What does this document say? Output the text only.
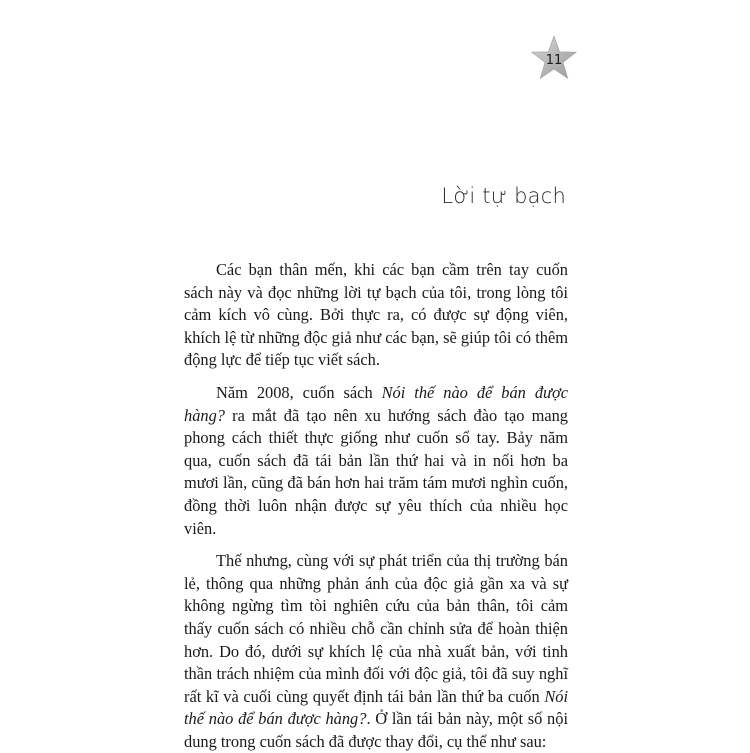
11
Lời tự bạch

Các bạn thân mến, khi các bạn cầm trên tay cuốn sách này và đọc những lời tự bạch của tôi, trong lòng tôi cảm kích vô cùng. Bởi thực ra, có được sự động viên, khích lệ từ những độc giả như các bạn, sẽ giúp tôi có thêm động lực để tiếp tục viết sách.

Năm 2008, cuốn sách Nói thế nào để bán được hàng? ra mắt đã tạo nên xu hướng sách đào tạo mang phong cách thiết thực giống như cuốn sổ tay. Bảy năm qua, cuốn sách đã tái bản lần thứ hai và in nối hơn ba mươi lần, cũng đã bán hơn hai trăm tám mươi nghìn cuốn, đồng thời luôn nhận được sự yêu thích của nhiều học viên.

Thế nhưng, cùng với sự phát triển của thị trường bán lẻ, thông qua những phản ánh của độc giả gần xa và sự không ngừng tìm tòi nghiên cứu của bản thân, tôi cảm thấy cuốn sách có nhiều chỗ cần chỉnh sửa để hoàn thiện hơn. Do đó, dưới sự khích lệ của nhà xuất bản, với tinh thần trách nhiệm của mình đối với độc giả, tôi đã suy nghĩ rất kĩ và cuối cùng quyết định tái bản lần thứ ba cuốn Nói thế nào để bán được hàng?. Ở lần tái bản này, một số nội dung trong cuốn sách đã được thay đổi, cụ thể như sau:
